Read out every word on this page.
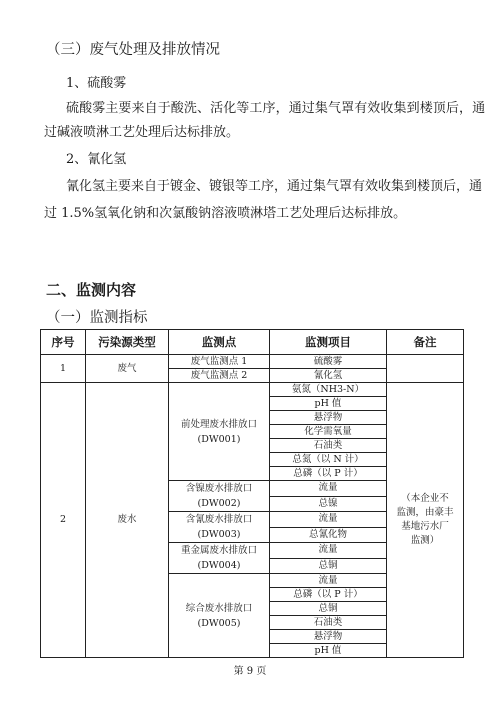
（三）废气处理及排放情况
1、硫酸雾
硫酸雾主要来自于酸洗、活化等工序，通过集气罩有效收集到楼顶后，通
过碱液喷淋工艺处理后达标排放。
2、氰化氢
氰化氢主要来自于镀金、镀银等工序，通过集气罩有效收集到楼顶后，通
过 1.5%氢氧化钠和次氯酸钠溶液喷淋塔工艺处理后达标排放。
二、监测内容
（一）监测指标
序号	污染源类型	监测点	监测项目	备注
1	废气	废气监测点 1	硫酸雾	
		废气监测点 2	氰化氢	
2	废水	前处理废水排放口
(DW001)	氨氮（NH3-N）	（本企业不
监测，由豪丰
基地污水厂
监测）
			pH 值	
			悬浮物	
			化学需氧量	
			石油类	
			总氮（以 N 计）	
			总磷（以 P 计）	
		含镍废水排放口
(DW002)	流量	
			总镍	
		含氰废水排放口
(DW003)	流量	
			总氰化物	
		重金属废水排放口
(DW004)	流量	
			总铜	
		综合废水排放口
(DW005)	流量	
			总磷（以 P 计）	
			总铜	
			石油类	
			悬浮物	
			pH 值	
第 9 页
